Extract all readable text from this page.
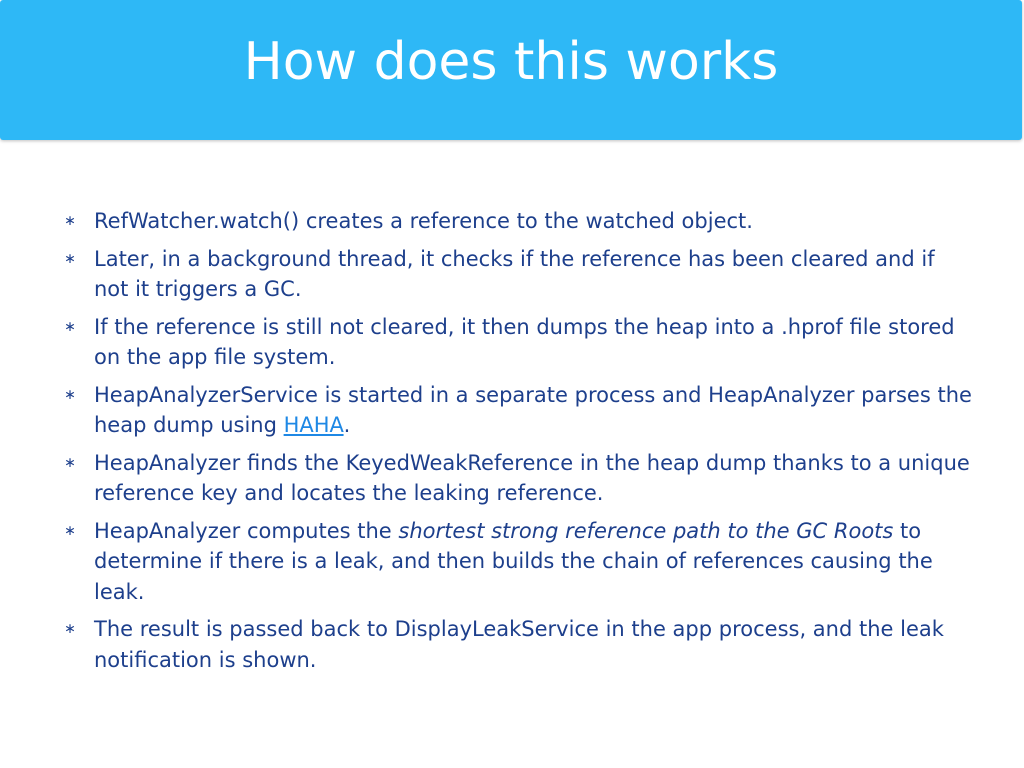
How does this works
∗ RefWatcher.watch() creates a reference to the watched object.
∗ Later, in a background thread, it checks if the reference has been cleared and if not it triggers a GC.
∗ If the reference is still not cleared, it then dumps the heap into a .hprof file stored on the app file system.
∗ HeapAnalyzerService is started in a separate process and HeapAnalyzer parses the heap dump using HAHA.
∗ HeapAnalyzer finds the KeyedWeakReference in the heap dump thanks to a unique reference key and locates the leaking reference.
∗ HeapAnalyzer computes the shortest strong reference path to the GC Roots to determine if there is a leak, and then builds the chain of references causing the leak.
∗ The result is passed back to DisplayLeakService in the app process, and the leak notification is shown.
